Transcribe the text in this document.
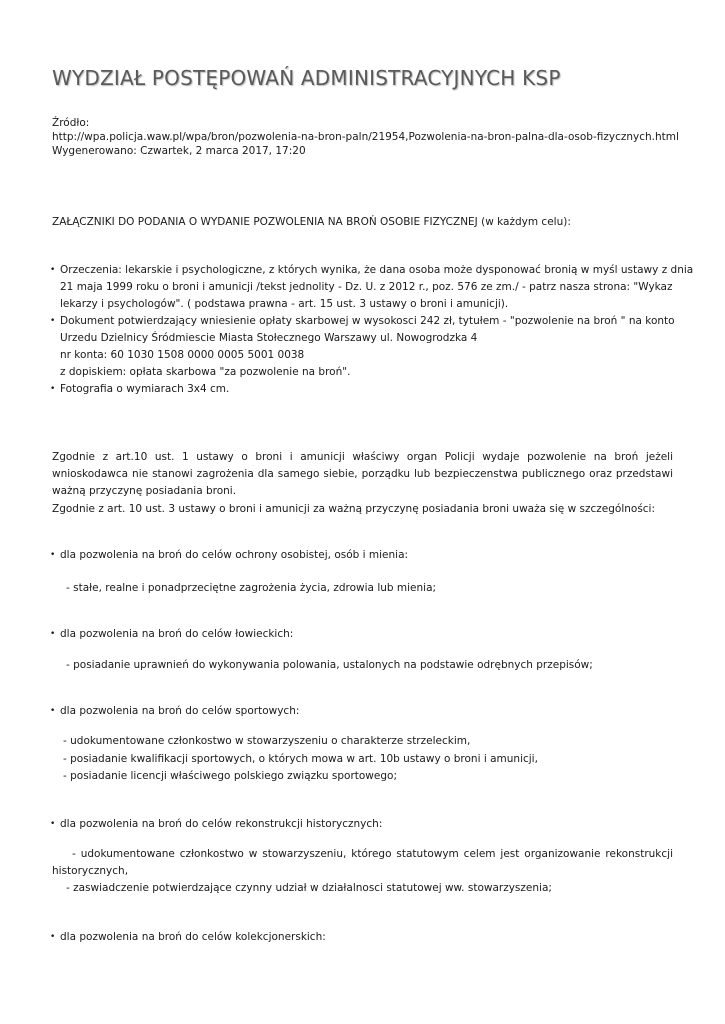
WYDZIAŁ POSTĘPOWAŃ ADMINISTRACYJNYCH KSP
Źródło:
http://wpa.policja.waw.pl/wpa/bron/pozwolenia-na-bron-paln/21954,Pozwolenia-na-bron-palna-dla-osob-fizycznych.html
Wygenerowano: Czwartek, 2 marca 2017, 17:20
ZAŁĄCZNIKI DO PODANIA O WYDANIE POZWOLENIA NA BROŃ OSOBIE FIZYCZNEJ (w każdym celu):
• Orzeczenia: lekarskie i psychologiczne, z których wynika, że dana osoba może dysponować bronią w myśl ustawy z dnia
21 maja 1999 roku o broni i amunicji /tekst jednolity - Dz. U. z 2012 r., poz. 576 ze zm./ - patrz nasza strona: "Wykaz
lekarzy i psychologów". ( podstawa prawna - art. 15 ust. 3 ustawy o broni i amunicji).
• Dokument potwierdzający wniesienie opłaty skarbowej w wysokosci 242 zł, tytułem - "pozwolenie na broń " na konto
Urzedu Dzielnicy Śródmiescie Miasta Stołecznego Warszawy ul. Nowogrodzka 4
nr konta: 60 1030 1508 0000 0005 5001 0038
z dopiskiem: opłata skarbowa "za pozwolenie na broń".
• Fotografia o wymiarach 3x4 cm.
Zgodnie z art.10 ust. 1 ustawy o broni i amunicji właściwy organ Policji wydaje pozwolenie na broń jeżeli wnioskodawca nie stanowi zagrożenia dla samego siebie, porządku lub bezpieczenstwa publicznego oraz przedstawi ważną przyczynę posiadania broni.
Zgodnie z art. 10 ust. 3 ustawy o broni i amunicji za ważną przyczynę posiadania broni uważa się w szczególności:
• dla pozwolenia na broń do celów ochrony osobistej, osób i mienia:
- stałe, realne i ponadprzeciętne zagrożenia życia, zdrowia lub mienia;
• dla pozwolenia na broń do celów łowieckich:
- posiadanie uprawnień do wykonywania polowania, ustalonych na podstawie odrębnych przepisów;
• dla pozwolenia na broń do celów sportowych:
- udokumentowane członkostwo w stowarzyszeniu o charakterze strzeleckim,
- posiadanie kwalifikacji sportowych, o których mowa w art. 10b ustawy o broni i amunicji,
- posiadanie licencji właściwego polskiego związku sportowego;
• dla pozwolenia na broń do celów rekonstrukcji historycznych:
- udokumentowane członkostwo w stowarzyszeniu, którego statutowym celem jest organizowanie rekonstrukcji historycznych,
- zaswiadczenie potwierdzające czynny udział w działalnosci statutowej ww. stowarzyszenia;
• dla pozwolenia na broń do celów kolekcjonerskich:
